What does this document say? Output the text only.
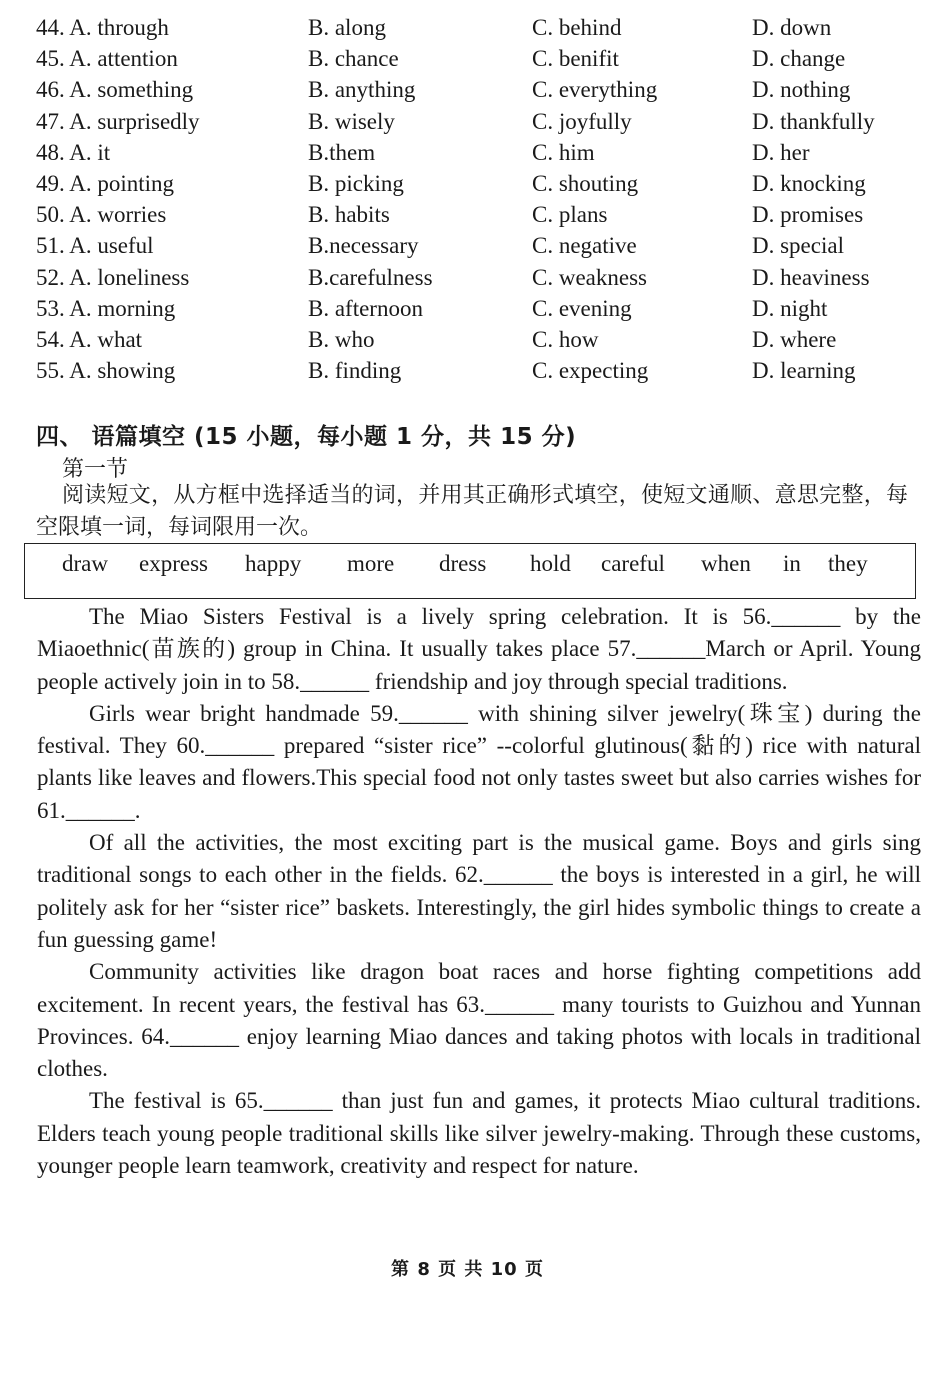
44. A. through	B. along	C. behind	D. down
45. A. attention	B. chance	C. benifit	D. change
46. A. something	B. anything	C. everything	D. nothing
47. A. surprisedly	B. wisely	C. joyfully	D. thankfully
48. A. it	B.them	C. him	D. her
49. A. pointing	B. picking	C. shouting	D. knocking
50. A. worries	B. habits	C. plans	D. promises
51. A. useful	B.necessary	C. negative	D. special
52. A. loneliness	B.carefulness	C. weakness	D. heaviness
53. A. morning	B. afternoon	C. evening	D. night
54. A. what	B. who	C. how	D. where
55. A. showing	B. finding	C. expecting	D. learning
四、 语篇填空 (15 小题，每小题 1 分，共 15 分)
第一节
阅读短文，从方框中选择适当的词，并用其正确形式填空，使短文通顺、意思完整，每空限填一词，每词限用一次。
draw express happy more dress hold careful when in they

The Miao Sisters Festival is a lively spring celebration. It is 56.______ by the Miaoethnic(苗族的) group in China. It usually takes place 57.______March or April. Young people actively join in to 58.______ friendship and joy through special traditions.

Girls wear bright handmade 59.______ with shining silver jewelry(珠宝) during the festival. They 60.______ prepared “sister rice” --colorful glutinous(黏的) rice with natural plants like leaves and flowers.This special food not only tastes sweet but also carries wishes for 61.______.

Of all the activities, the most exciting part is the musical game. Boys and girls sing traditional songs to each other in the fields. 62.______ the boys is interested in a girl, he will politely ask for her “sister rice” baskets. Interestingly, the girl hides symbolic things to create a fun guessing game!

Community activities like dragon boat races and horse fighting competitions add excitement. In recent years, the festival has 63.______ many tourists to Guizhou and Yunnan Provinces. 64.______ enjoy learning Miao dances and taking photos with locals in traditional clothes.

The festival is 65.______ than just fun and games, it protects Miao cultural traditions. Elders teach young people traditional skills like silver jewelry-making. Through these customs, younger people learn teamwork, creativity and respect for nature.

第 8 页 共 10 页
